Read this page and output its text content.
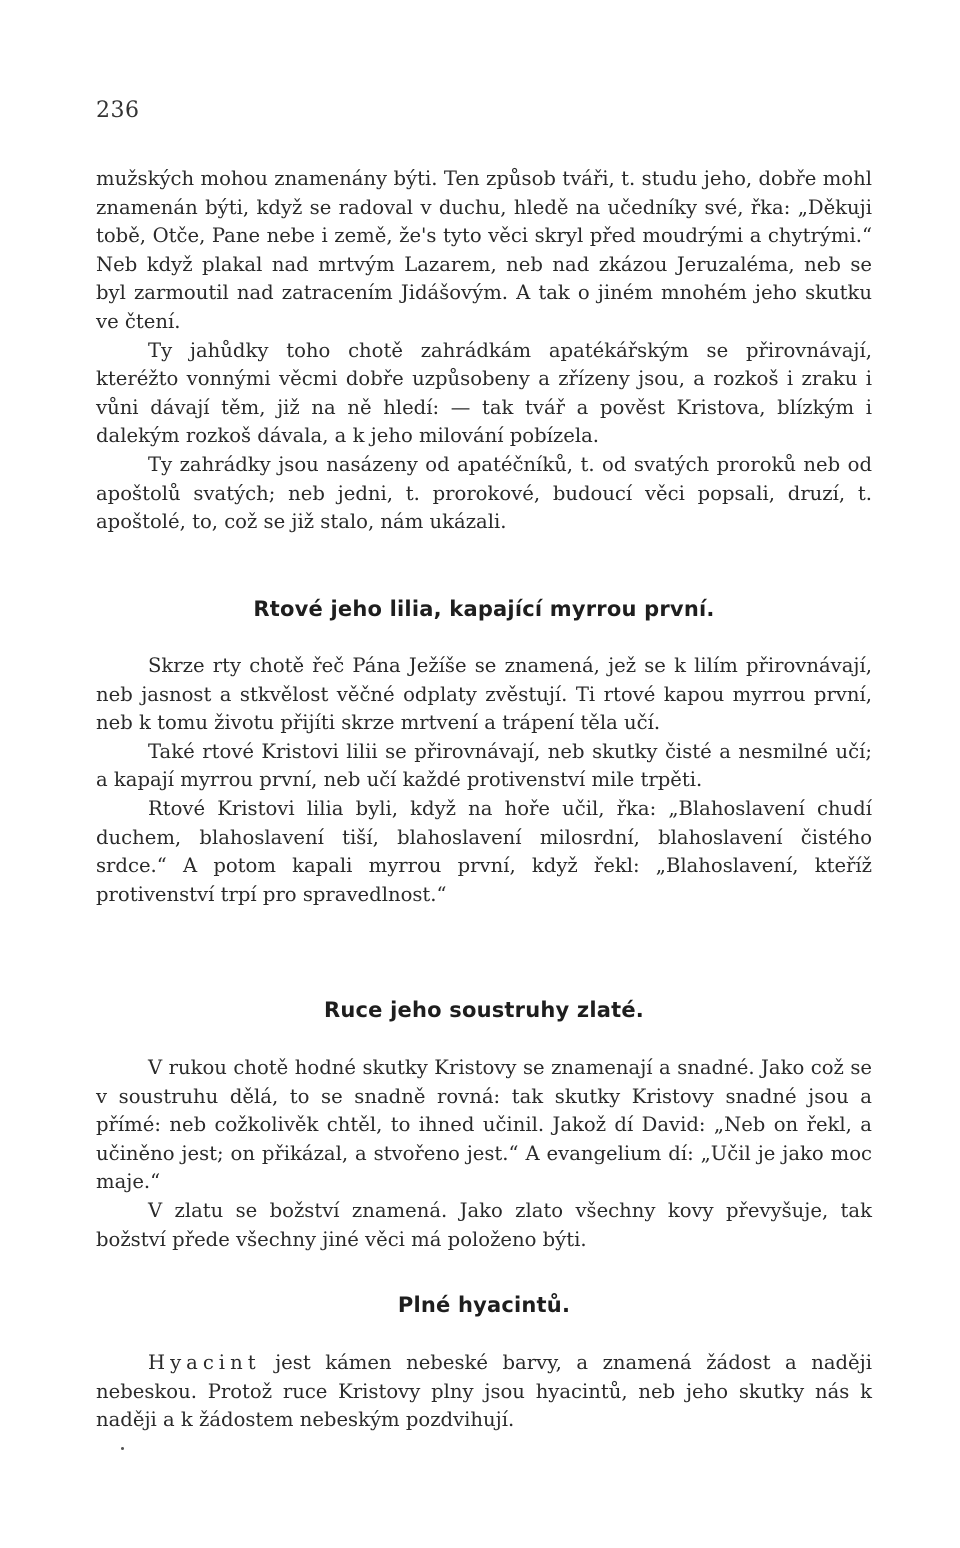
236

mužských mohou znamenány býti. Ten způsob tváři, t. studu jeho, dobře mohl znamenán býti, když se radoval v duchu, hledě na učedníky své, řka: „Děkuji tobě, Otče, Pane nebe i země, že's tyto věci skryl před moudrými a chytrými.“ Neb když plakal nad mrtvým Lazarem, neb nad zkázou Jeruzaléma, neb se byl zarmoutil nad zatracením Jidášovým. A tak o jiném mnohém jeho skutku ve čtení.

Ty jahůdky toho chotě zahrádkám apatékářským se přirovnávají, kteréžto vonnými věcmi dobře uzpůsobeny a zřízeny jsou, a rozkoš i zraku i vůni dávají těm, již na ně hledí: — tak tvář a pověst Kristova, blízkým i dalekým rozkoš dávala, a k jeho milování pobízela.

Ty zahrádky jsou nasázeny od apatéčníků, t. od svatých proroků neb od apoštolů svatých; neb jedni, t. prorokové, budoucí věci popsali, druzí, t. apoštolé, to, což se již stalo, nám ukázali.

Rtové jeho lilia, kapající myrrou první.

Skrze rty chotě řeč Pána Ježíše se znamená, jež se k lilím přirovnávají, neb jasnost a stkvělost věčné odplaty zvěstují. Ti rtové kapou myrrou první, neb k tomu životu přijíti skrze mrtvení a trápení těla učí.

Také rtové Kristovi lilii se přirovnávají, neb skutky čisté a nesmilné učí; a kapají myrrou první, neb učí každé protivenství mile trpěti.

Rtové Kristovi lilia byli, když na hoře učil, řka: „Blahoslavení chudí duchem, blahoslavení tiší, blahoslavení milosrdní, blahoslavení čistého srdce.“ A potom kapali myrrou první, když řekl: „Blahoslavení, kteříž protivenství trpí pro spravedlnost.“

Ruce jeho soustruhy zlaté.

V rukou chotě hodné skutky Kristovy se znamenají a snadné. Jako což se v soustruhu dělá, to se snadně rovná: tak skutky Kristovy snadné jsou a přímé: neb cožkolivěk chtěl, to ihned učinil. Jakož dí David: „Neb on řekl, a učiněno jest; on přikázal, a stvořeno jest.“ A evangelium dí: „Učil je jako moc maje.“

V zlatu se božství znamená. Jako zlato všechny kovy převyšuje, tak božství přede všechny jiné věci má položeno býti.

Plné hyacintů.

Hyacint jest kámen nebeské barvy, a znamená žádost a naději nebeskou. Protož ruce Kristovy plny jsou hyacintů, neb jeho skutky nás k naději a k žádostem nebeským pozdvihují.
